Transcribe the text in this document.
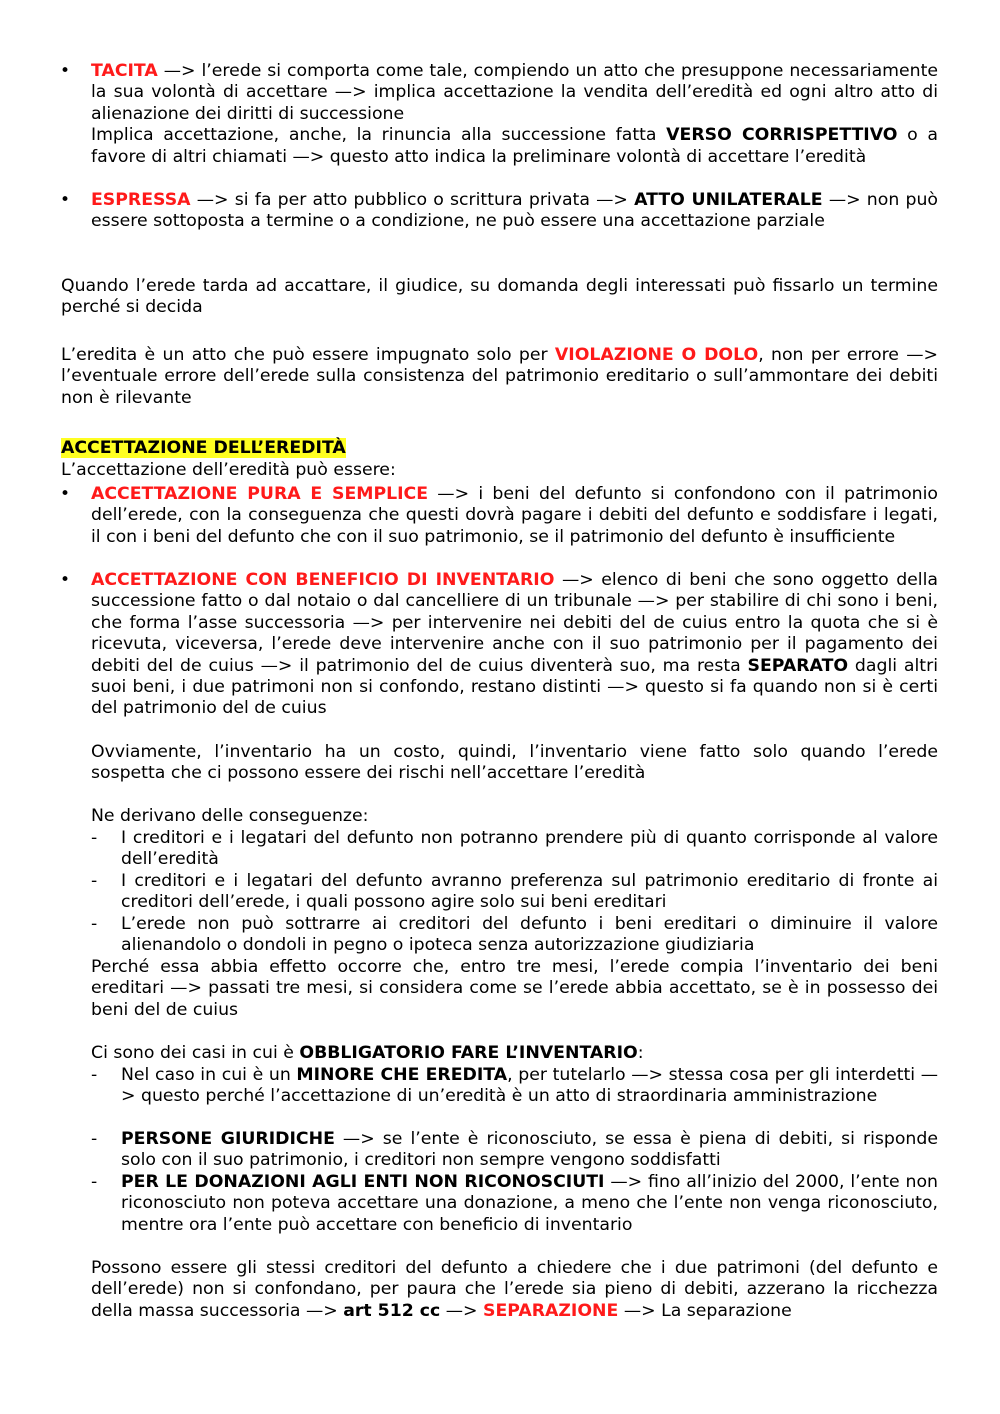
• TACITA —> l’erede si comporta come tale, compiendo un atto che presuppone necessariamente la sua volontà di accettare —> implica accettazione la vendita dell’eredità ed ogni altro atto di alienazione dei diritti di successione

Implica accettazione, anche, la rinuncia alla successione fatta VERSO CORRISPETTIVO o a favore di altri chiamati —> questo atto indica la preliminare volontà di accettare l’eredità

• ESPRESSA —> si fa per atto pubblico o scrittura privata —> ATTO UNILATERALE —> non può essere sottoposta a termine o a condizione, ne può essere una accettazione parziale

Quando l’erede tarda ad accattare, il giudice, su domanda degli interessati può fissarlo un termine perché si decida
L’eredita è un atto che può essere impugnato solo per VIOLAZIONE O DOLO, non per errore —> l’eventuale errore dell’erede sulla consistenza del patrimonio ereditario o sull’ammontare dei debiti non è rilevante
ACCETTAZIONE DELL’EREDITÀ
L’accettazione dell’eredità può essere:
• ACCETTAZIONE PURA E SEMPLICE —> i beni del defunto si confondono con il patrimonio dell’erede, con la conseguenza che questi dovrà pagare i debiti del defunto e soddisfare i legati, il con i beni del defunto che con il suo patrimonio, se il patrimonio del defunto è insufficiente
• ACCETTAZIONE CON BENEFICIO DI INVENTARIO —> elenco di beni che sono oggetto della successione fatto o dal notaio o dal cancelliere di un tribunale —> per stabilire di chi sono i beni, che forma l’asse successoria —> per intervenire nei debiti del de cuius entro la quota che si è ricevuta, viceversa, l’erede deve intervenire anche con il suo patrimonio per il pagamento dei debiti del de cuius —> il patrimonio del de cuius diventerà suo, ma resta SEPARATO dagli altri suoi beni, i due patrimoni non si confondo, restano distinti —> questo si fa quando non si è certi del patrimonio del de cuius
Ovviamente, l’inventario ha un costo, quindi, l’inventario viene fatto solo quando l’erede sospetta che ci possono essere dei rischi nell’accettare l’eredità
Ne derivano delle conseguenze:
- I creditori e i legatari del defunto non potranno prendere più di quanto corrisponde al valore dell’eredità
- I creditori e i legatari del defunto avranno preferenza sul patrimonio ereditario di fronte ai creditori dell’erede, i quali possono agire solo sui beni ereditari
- L’erede non può sottrarre ai creditori del defunto i beni ereditari o diminuire il valore alienandolo o dondoli in pegno o ipoteca senza autorizzazione giudiziaria
Perché essa abbia effetto occorre che, entro tre mesi, l’erede compia l’inventario dei beni ereditari —> passati tre mesi, si considera come se l’erede abbia accettato, se è in possesso dei beni del de cuius
Ci sono dei casi in cui è OBBLIGATORIO FARE L’INVENTARIO:
- Nel caso in cui è un MINORE CHE EREDITA, per tutelarlo —> stessa cosa per gli interdetti —> questo perché l’accettazione di un’eredità è un atto di straordinaria amministrazione
- PERSONE GIURIDICHE —> se l’ente è riconosciuto, se essa è piena di debiti, si risponde solo con il suo patrimonio, i creditori non sempre vengono soddisfatti
- PER LE DONAZIONI AGLI ENTI NON RICONOSCIUTI —> fino all’inizio del 2000, l’ente non riconosciuto non poteva accettare una donazione, a meno che l’ente non venga riconosciuto, mentre ora l’ente può accettare con beneficio di inventario
Possono essere gli stessi creditori del defunto a chiedere che i due patrimoni (del defunto e dell’erede) non si confondano, per paura che l’erede sia pieno di debiti, azzerano la ricchezza della massa successoria —> art 512 cc —> SEPARAZIONE —> La separazione
